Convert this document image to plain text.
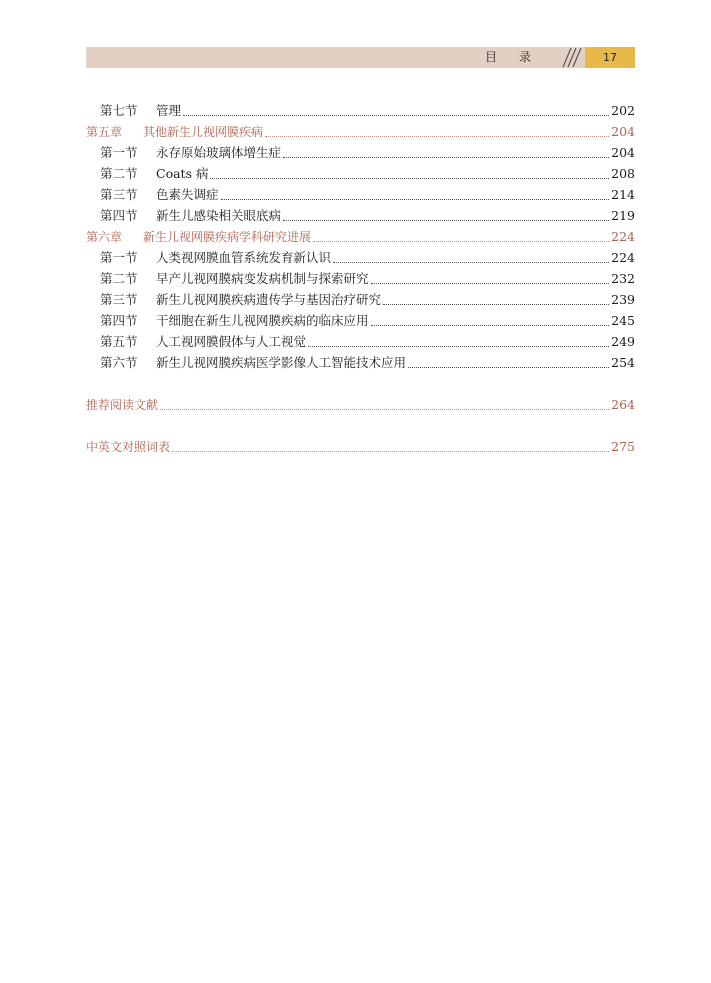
目录	17
第七节	管理	202
第五章	其他新生儿视网膜疾病	204
第一节	永存原始玻璃体增生症	204
第二节	Coats 病	208
第三节	色素失调症	214
第四节	新生儿感染相关眼底病	219
第六章	新生儿视网膜疾病学科研究进展	224
第一节	人类视网膜血管系统发育新认识	224
第二节	早产儿视网膜病变发病机制与探索研究	232
第三节	新生儿视网膜疾病遗传学与基因治疗研究	239
第四节	干细胞在新生儿视网膜疾病的临床应用	245
第五节	人工视网膜假体与人工视觉	249
第六节	新生儿视网膜疾病医学影像人工智能技术应用	254
推荐阅读文献	264
中英文对照词表	275
